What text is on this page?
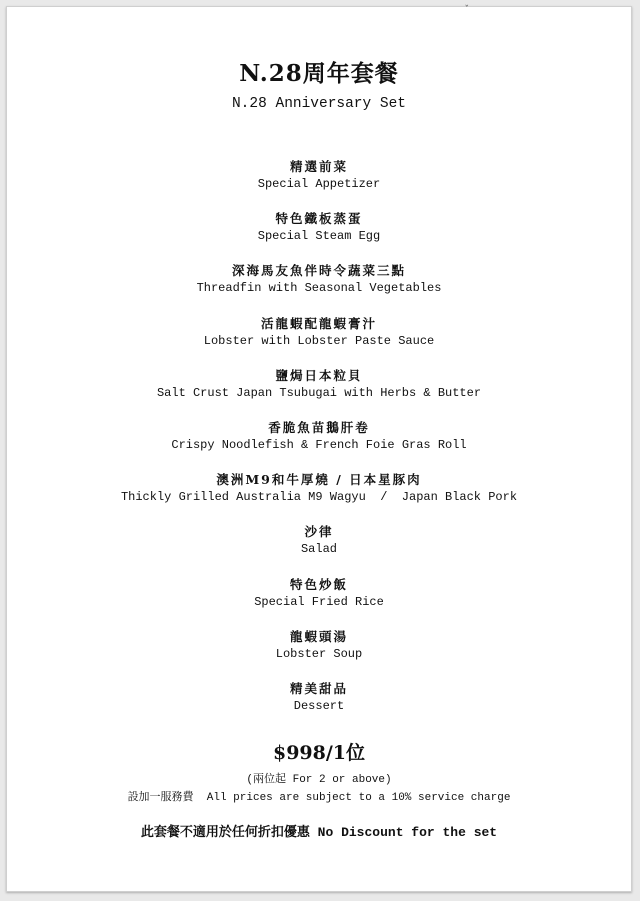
ˇ
N.28周年套餐
N.28 Anniversary Set
精選前菜
Special Appetizer
特色鐵板蒸蛋
Special Steam Egg
深海馬友魚伴時令蔬菜三點
Threadfin with Seasonal Vegetables
活龍蝦配龍蝦膏汁
Lobster with Lobster Paste Sauce
鹽焗日本粒貝
Salt Crust Japan Tsubugai with Herbs & Butter
香脆魚苗鵝肝卷
Crispy Noodlefish & French Foie Gras Roll
澳洲M9和牛厚燒 / 日本星豚肉
Thickly Grilled Australia M9 Wagyu  /  Japan Black Pork
沙律
Salad
特色炒飯
Special Fried Rice
龍蝦頭湯
Lobster Soup
精美甜品
Dessert
$998/1位
(兩位起 For 2 or above)
設加一服務費  All prices are subject to a 10% service charge
此套餐不適用於任何折扣優惠 No Discount for the set
